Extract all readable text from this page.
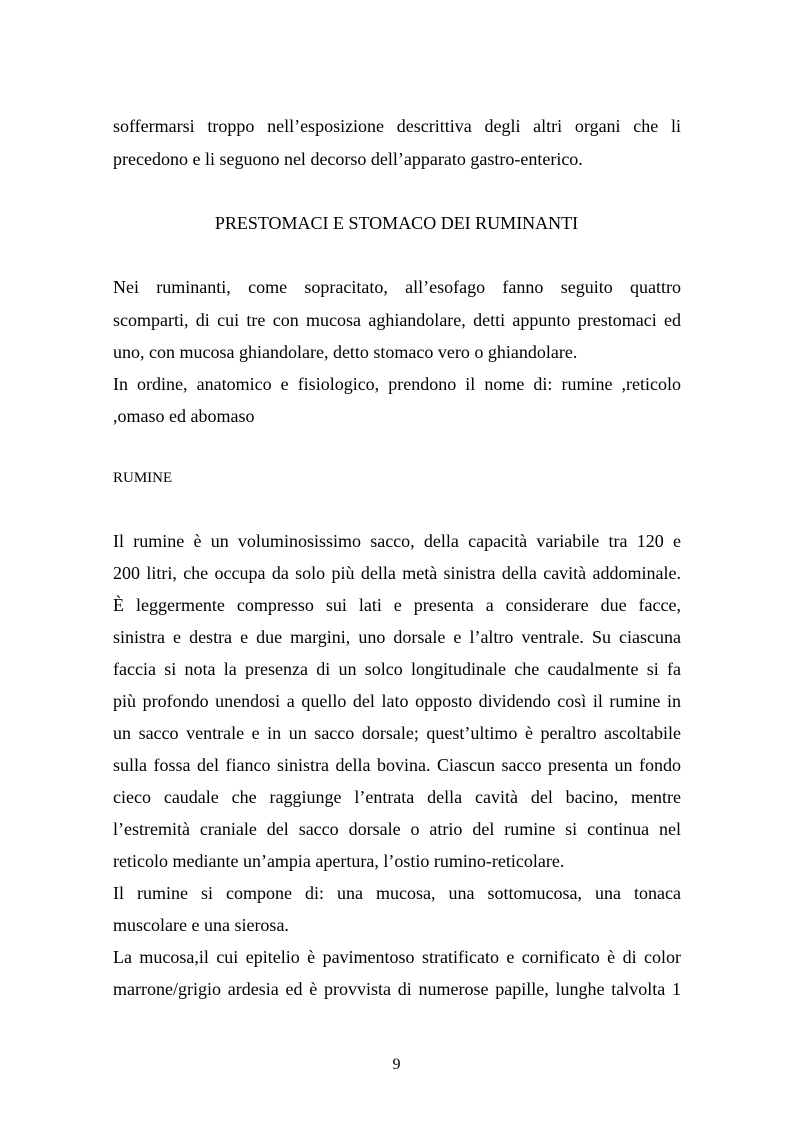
soffermarsi troppo nell’esposizione descrittiva degli altri organi che li
precedono e li seguono nel decorso dell’apparato gastro-enterico.
PRESTOMACI E STOMACO DEI RUMINANTI
Nei ruminanti, come sopracitato, all’esofago fanno seguito quattro
scomparti, di cui tre con mucosa aghiandolare, detti appunto prestomaci ed
uno, con mucosa ghiandolare, detto stomaco vero o ghiandolare.
In ordine, anatomico e fisiologico, prendono il nome di: rumine ,reticolo
,omaso ed abomaso
RUMINE
Il rumine è un voluminosissimo sacco, della capacità variabile tra 120 e
200 litri, che occupa da solo più della metà sinistra della cavità addominale.
È leggermente compresso sui lati e presenta a considerare due facce,
sinistra e destra e due margini, uno dorsale e l’altro ventrale. Su ciascuna
faccia si nota la presenza di un solco longitudinale che caudalmente si fa
più profondo unendosi a quello del lato opposto dividendo così il rumine in
un sacco ventrale e in un sacco dorsale; quest’ultimo è peraltro ascoltabile
sulla fossa del fianco sinistra della bovina. Ciascun sacco presenta un fondo
cieco caudale che raggiunge l’entrata della cavità del bacino, mentre
l’estremità craniale del sacco dorsale o atrio del rumine si continua nel
reticolo mediante un’ampia apertura, l’ostio rumino-reticolare.
Il rumine si compone di: una mucosa, una sottomucosa, una tonaca
muscolare e una sierosa.
La mucosa,il cui epitelio è pavimentoso stratificato e cornificato è di color
marrone/grigio ardesia ed è provvista di numerose papille, lunghe talvolta 1
9
